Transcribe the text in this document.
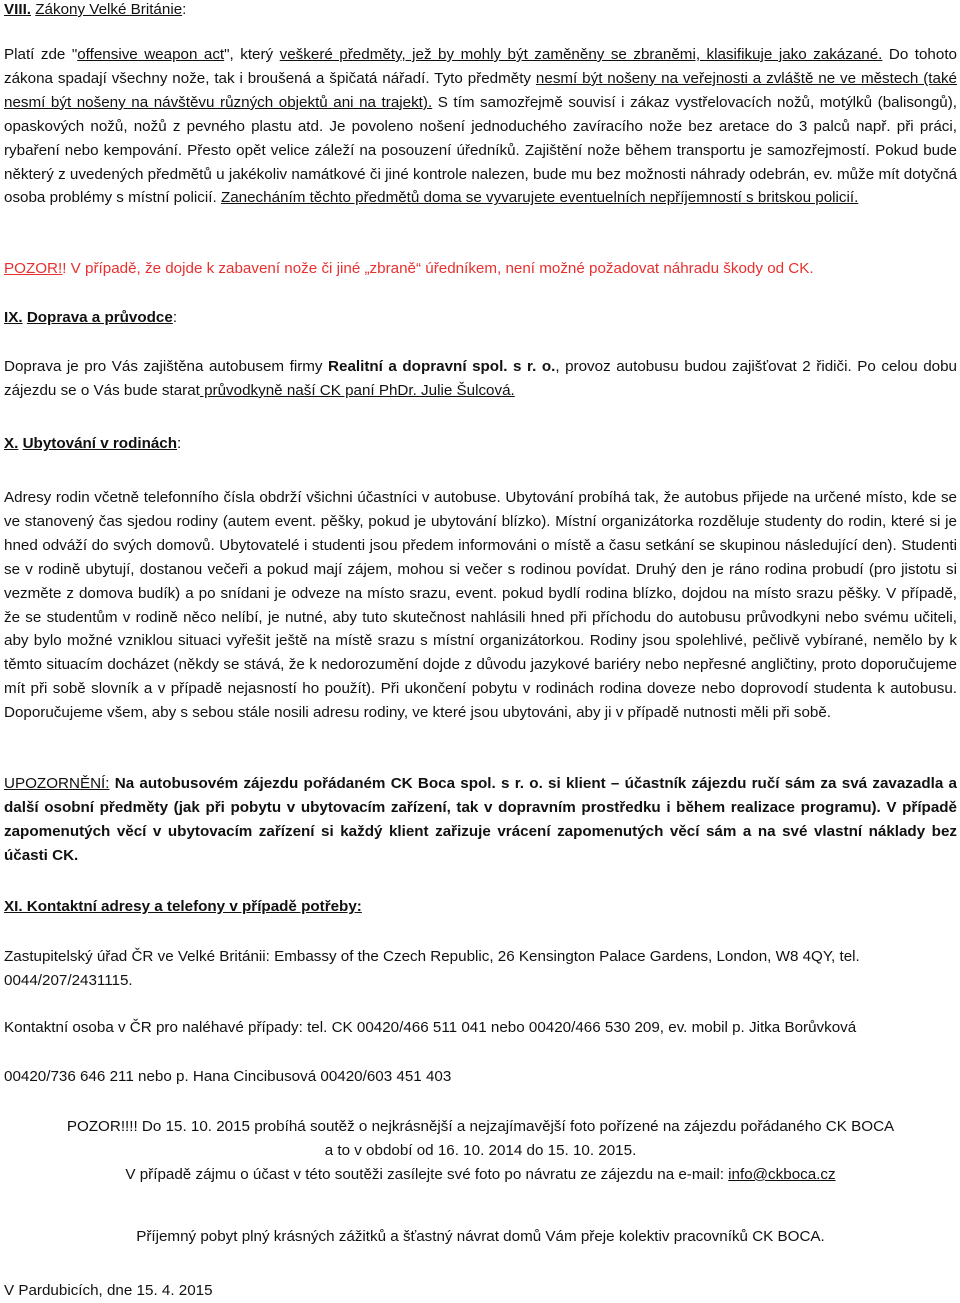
VIII. Zákony Velké Británie:

Platí zde "offensive weapon act", který veškeré předměty, jež by mohly být zaměněny se zbraněmi, klasifikuje jako zakázané. Do tohoto zákona spadají všechny nože, tak i broušená a špičatá nářadí. Tyto předměty nesmí být nošeny na veřejnosti a zvláště ne ve městech (také nesmí být nošeny na návštěvu různých objektů ani na trajekt). S tím samozřejmě souvisí i zákaz vystřelovacích nožů, motýlků (balisongů), opaskových nožů, nožů z pevného plastu atd. Je povoleno nošení jednoduchého zavíracího nože bez aretace do 3 palců např. při práci, rybaření nebo kempování. Přesto opět velice záleží na posouzení úředníků. Zajištění nože během transportu je samozřejmostí. Pokud bude některý z uvedených předmětů u jakékoliv namátkové či jiné kontrole nalezen, bude mu bez možnosti náhrady odebrán, ev. může mít dotyčná osoba problémy s místní policií. Zanecháním těchto předmětů doma se vyvarujete eventuelních nepříjemností s britskou policií.

POZOR!! V případě, že dojde k zabavení nože či jiné „zbraně“ úředníkem, není možné požadovat náhradu škody od CK.

IX. Doprava a průvodce:

Doprava je pro Vás zajištěna autobusem firmy Realitní a dopravní spol. s r. o., provoz autobusu budou zajišťovat 2 řidiči. Po celou dobu zájezdu se o Vás bude starat průvodkyně naší CK paní PhDr. Julie Šulcová.

X. Ubytování v rodinách:

Adresy rodin včetně telefonního čísla obdrží všichni účastníci v autobuse. Ubytování probíhá tak, že autobus přijede na určené místo, kde se ve stanovený čas sjedou rodiny (autem event. pěšky, pokud je ubytování blízko). Místní organizátorka rozděluje studenty do rodin, které si je hned odváží do svých domovů. Ubytovatelé i studenti jsou předem informováni o místě a času setkání se skupinou následující den). Studenti se v rodině ubytují, dostanou večeři a pokud mají zájem, mohou si večer s rodinou povídat. Druhý den je ráno rodina probudí (pro jistotu si vezměte z domova budík) a po snídani je odveze na místo srazu, event. pokud bydlí rodina blízko, dojdou na místo srazu pěšky. V případě, že se studentům v rodině něco nelíbí, je nutné, aby tuto skutečnost nahlásili hned při příchodu do autobusu průvodkyni nebo svému učiteli, aby bylo možné vzniklou situaci vyřešit ještě na místě srazu s místní organizátorkou. Rodiny jsou spolehlivé, pečlivě vybírané, nemělo by k těmto situacím docházet (někdy se stává, že k nedorozumění dojde z důvodu jazykové bariéry nebo nepřesné angličtiny, proto doporučujeme mít při sobě slovník a v případě nejasností ho použít). Při ukončení pobytu v rodinách rodina doveze nebo doprovodí studenta k autobusu. Doporučujeme všem, aby s sebou stále nosili adresu rodiny, ve které jsou ubytováni, aby ji v případě nutnosti měli při sobě.

UPOZORNĚNÍ: Na autobusovém zájezdu pořádaném CK Boca spol. s r. o. si klient – účastník zájezdu ručí sám za svá zavazadla a další osobní předměty (jak při pobytu v ubytovacím zařízení, tak v dopravním prostředku i během realizace programu). V případě zapomenutých věcí v ubytovacím zařízení si každý klient zařizuje vrácení zapomenutých věcí sám a na své vlastní náklady bez účasti CK.

XI. Kontaktní adresy a telefony v případě potřeby:

Zastupitelský úřad ČR ve Velké Británii: Embassy of the Czech Republic, 26 Kensington Palace Gardens, London, W8 4QY, tel. 0044/207/2431115.

Kontaktní osoba v ČR pro naléhavé případy: tel. CK 00420/466 511 041 nebo 00420/466 530 209, ev. mobil p. Jitka Borůvková

00420/736 646 211 nebo p. Hana Cincibusová 00420/603 451 403

POZOR!!!! Do 15. 10. 2015 probíhá soutěž o nejkrásnější a nejzajímavější foto pořízené na zájezdu pořádaného CK BOCA

a to v období od 16. 10. 2014 do 15. 10. 2015.

V případě zájmu o účast v této soutěži zasílejte své foto po návratu ze zájezdu na e-mail: info@ckboca.cz

Příjemný pobyt plný krásných zážitků a šťastný návrat domů Vám přeje kolektiv pracovníků CK BOCA.

V Pardubicích, dne 15. 4. 2015
